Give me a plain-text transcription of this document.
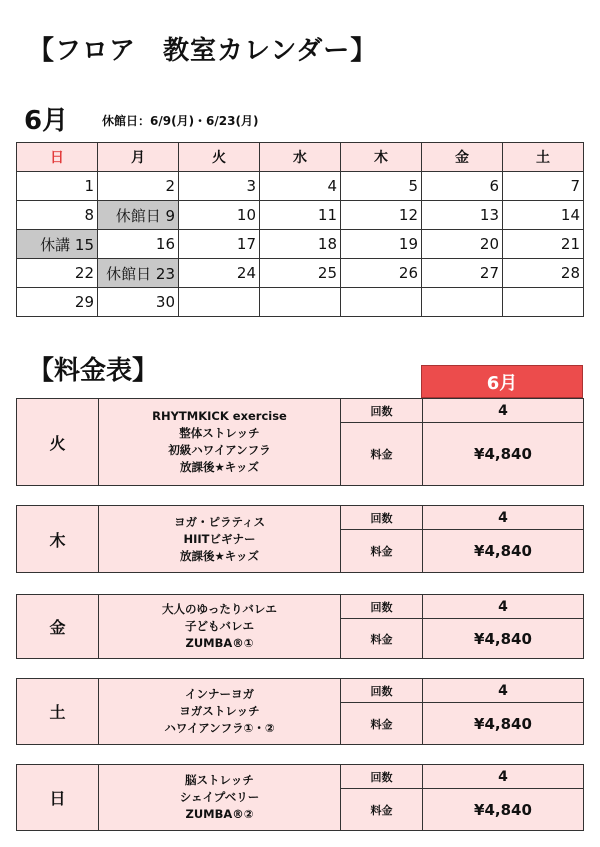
【フロア　教室カレンダー】
6月	休館日：6/9(月)・6/23(月)
日	月	火	水	木	金	土
1	2	3	4	5	6	7
8	休館日 9	10	11	12	13	14
休講 15	16	17	18	19	20	21
22	休館日 23	24	25	26	27	28
29	30					
【料金表】	6月
火
RHYTMKICK exercise
整体ストレッチ
初級ハワイアンフラ
放課後★キッズ
回数	4
料金	¥4,840
木
ヨガ・ピラティス
HIITビギナー
放課後★キッズ
回数	4
料金	¥4,840
金
大人のゆったりバレエ
子どもバレエ
ZUMBA®①
回数	4
料金	¥4,840
土
インナーヨガ
ヨガストレッチ
ハワイアンフラ①・②
回数	4
料金	¥4,840
日
脳ストレッチ
シェイプベリー
ZUMBA®②
回数	4
料金	¥4,840
